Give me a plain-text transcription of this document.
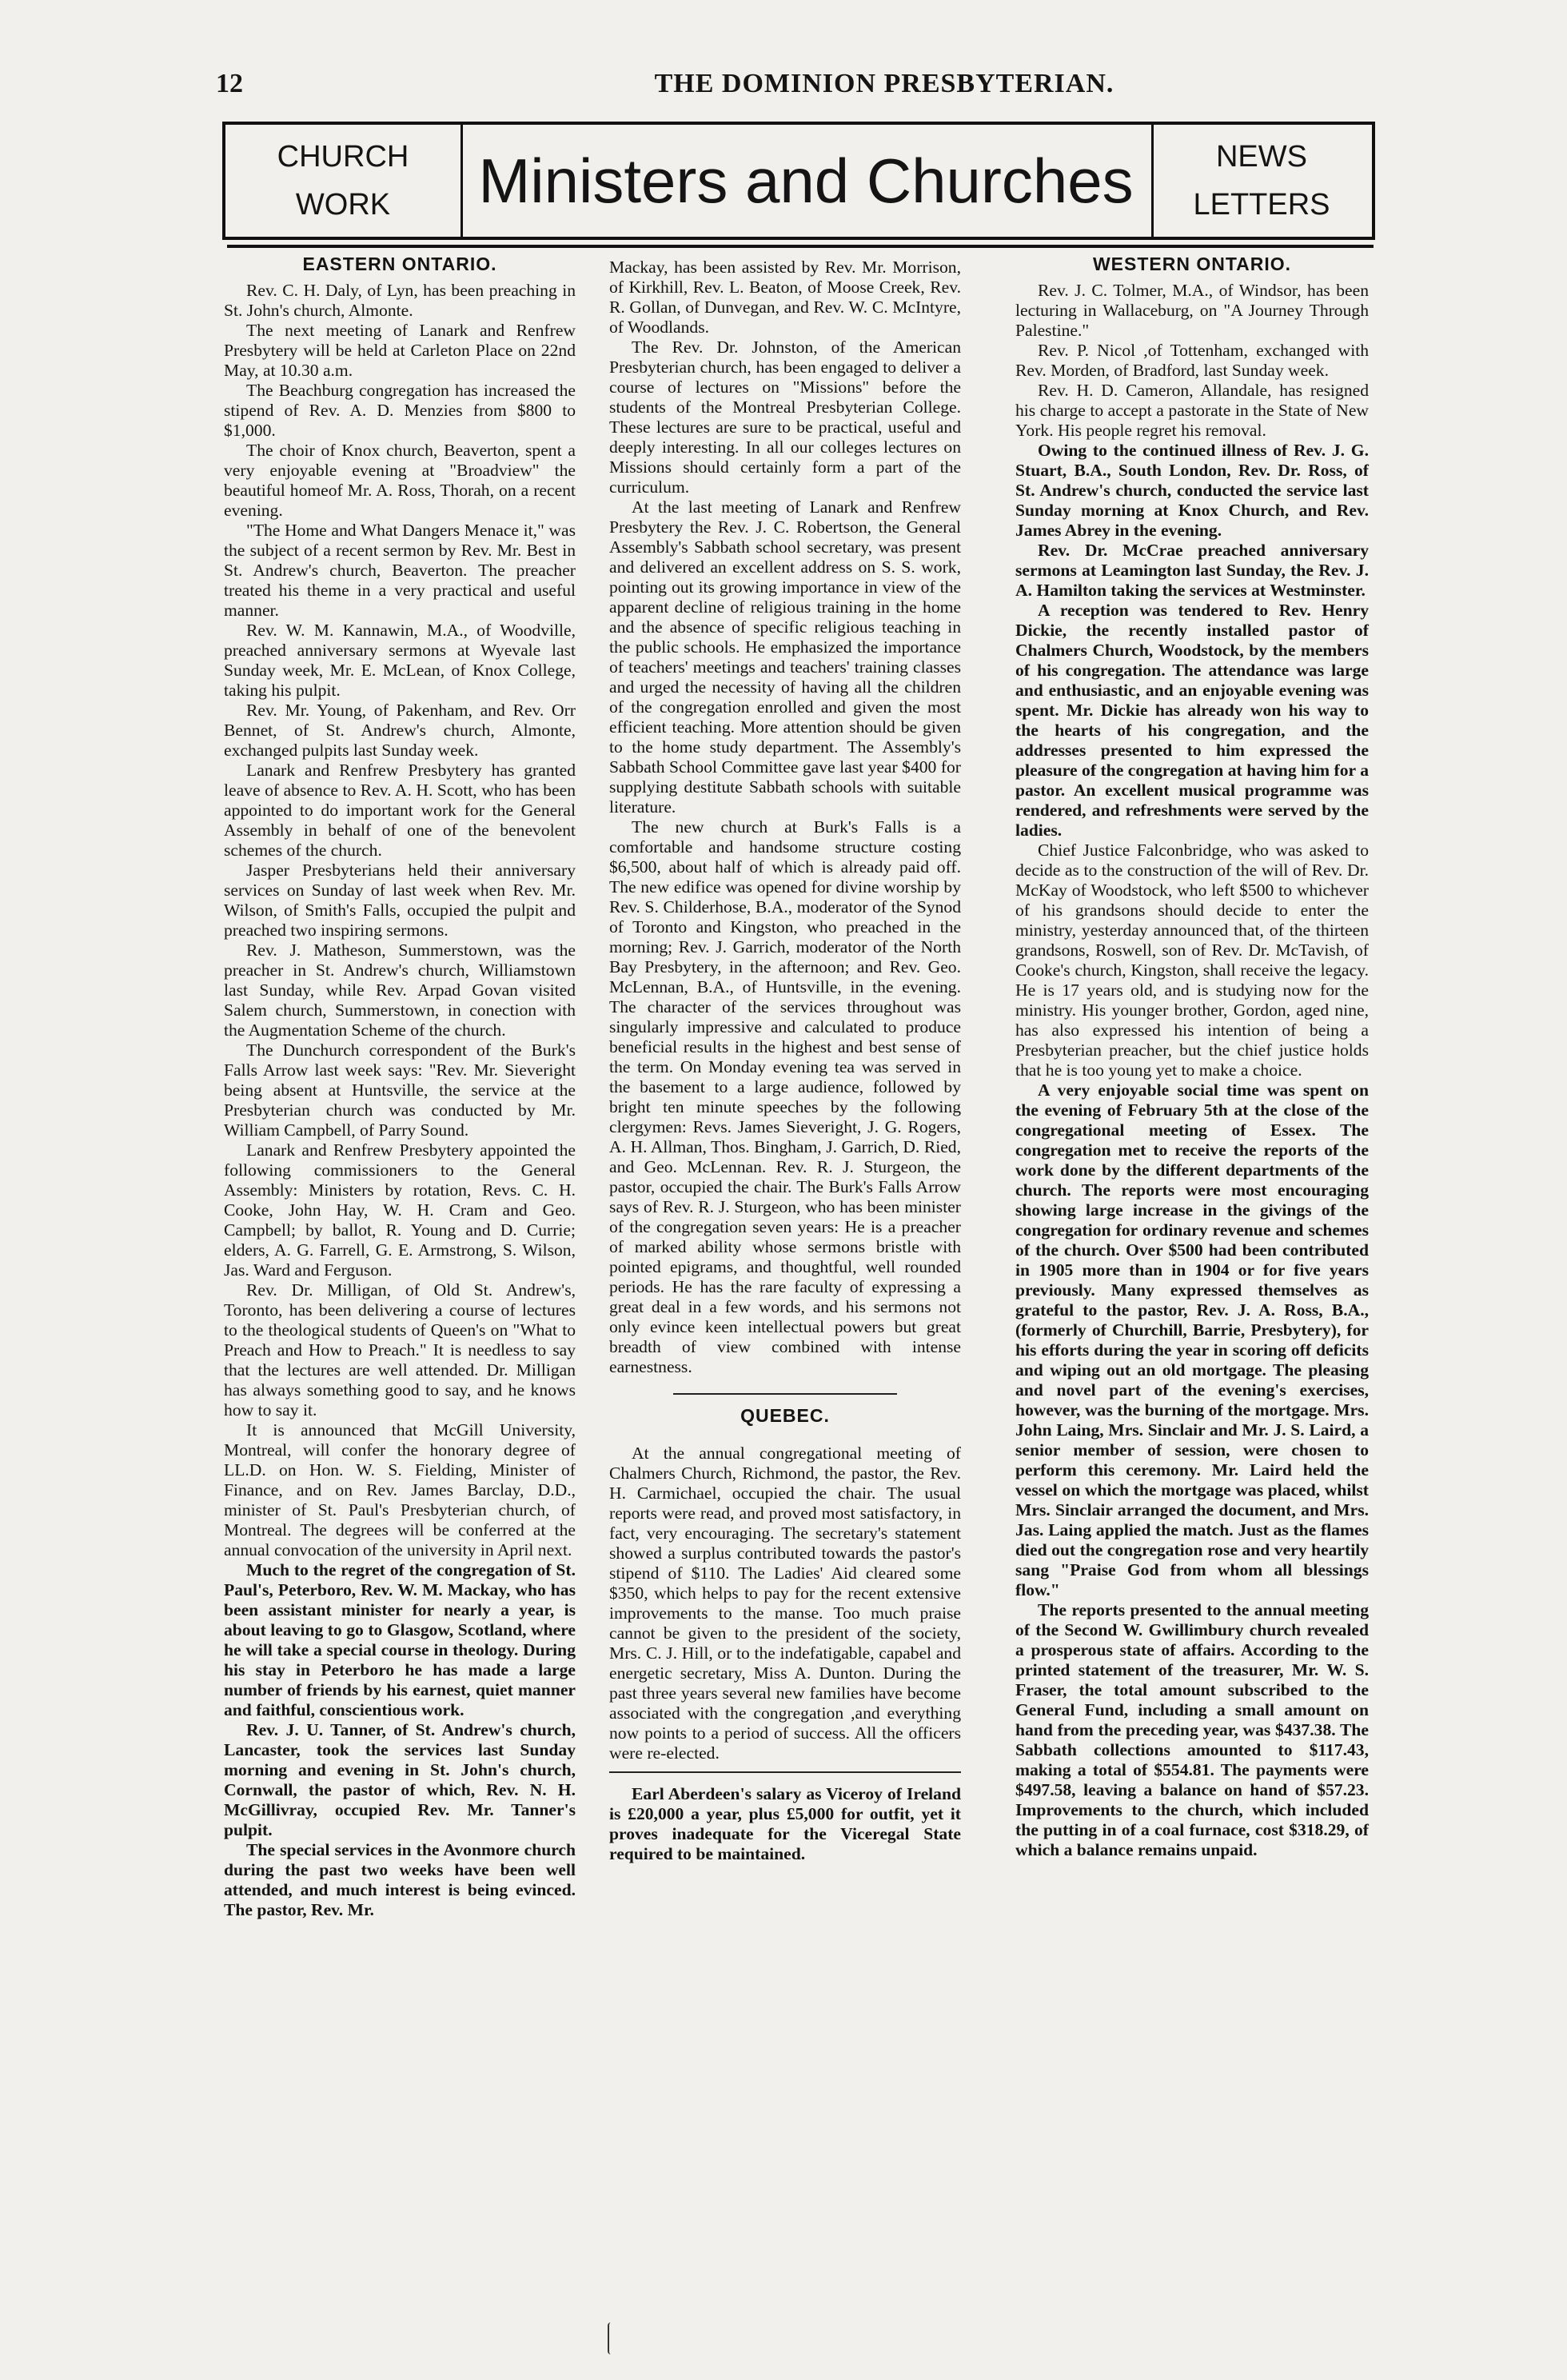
12	THE DOMINION PRESBYTERIAN.
CHURCH
WORK Ministers and Churches	NEWS
LETTERS
EASTERN ONTARIO.

Rev. C. H. Daly, of Lyn, has been preaching in St. John's church, Almonte.

The next meeting of Lanark and Renfrew Presbytery will be held at Carleton Place on 22nd May, at 10.30 a.m.

The Beachburg congregation has increased the stipend of Rev. A. D. Menzies from $800 to $1,000.

The choir of Knox church, Beaverton, spent a very enjoyable evening at "Broadview" the beautiful homeof Mr. A. Ross, Thorah, on a recent evening.

"The Home and What Dangers Menace it," was the subject of a recent sermon by Rev. Mr. Best in St. Andrew's church, Beaverton. The preacher treated his theme in a very practical and useful manner.

Rev. W. M. Kannawin, M.A., of Woodville, preached anniversary sermons at Wyevale last Sunday week, Mr. E. McLean, of Knox College, taking his pulpit.

Rev. Mr. Young, of Pakenham, and Rev. Orr Bennet, of St. Andrew's church, Almonte, exchanged pulpits last Sunday week.

Lanark and Renfrew Presbytery has granted leave of absence to Rev. A. H. Scott, who has been appointed to do important work for the General Assembly in behalf of one of the benevolent schemes of the church.

Jasper Presbyterians held their anniversary services on Sunday of last week when Rev. Mr. Wilson, of Smith's Falls, occupied the pulpit and preached two inspiring sermons.

Rev. J. Matheson, Summerstown, was the preacher in St. Andrew's church, Williamstown last Sunday, while Rev. Arpad Govan visited Salem church, Summerstown, in conection with the Augmentation Scheme of the church.

The Dunchurch correspondent of the Burk's Falls Arrow last week says: "Rev. Mr. Sieveright being absent at Huntsville, the service at the Presbyterian church was conducted by Mr. William Campbell, of Parry Sound.

Lanark and Renfrew Presbytery appointed the following commissioners to the General Assembly: Ministers by rotation, Revs. C. H. Cooke, John Hay, W. H. Cram and Geo. Campbell; by ballot, R. Young and D. Currie; elders, A. G. Farrell, G. E. Armstrong, S. Wilson, Jas. Ward and Ferguson.

Rev. Dr. Milligan, of Old St. Andrew's, Toronto, has been delivering a course of lectures to the theological students of Queen's on "What to Preach and How to Preach." It is needless to say that the lectures are well attended. Dr. Milligan has always something good to say, and he knows how to say it.

It is announced that McGill University, Montreal, will confer the honorary degree of LL.D. on Hon. W. S. Fielding, Minister of Finance, and on Rev. James Barclay, D.D., minister of St. Paul's Presbyterian church, of Montreal. The degrees will be conferred at the annual convocation of the university in April next.

Much to the regret of the congregation of St. Paul's, Peterboro, Rev. W. M. Mackay, who has been assistant minister for nearly a year, is about leaving to go to Glasgow, Scotland, where he will take a special course in theology. During his stay in Peterboro he has made a large number of friends by his earnest, quiet manner and faithful, conscientious work.

Rev. J. U. Tanner, of St. Andrew's church, Lancaster, took the services last Sunday morning and evening in St. John's church, Cornwall, the pastor of which, Rev. N. H. McGillivray, occupied Rev. Mr. Tanner's pulpit.

The special services in the Avonmore church during the past two weeks have been well attended, and much interest is being evinced. The pastor, Rev. Mr.

Mackay, has been assisted by Rev. Mr. Morrison, of Kirkhill, Rev. L. Beaton, of Moose Creek, Rev. R. Gollan, of Dunvegan, and Rev. W. C. McIntyre, of Woodlands.

The Rev. Dr. Johnston, of the American Presbyterian church, has been engaged to deliver a course of lectures on "Missions" before the students of the Montreal Presbyterian College. These lectures are sure to be practical, useful and deeply interesting. In all our colleges lectures on Missions should certainly form a part of the curriculum.

At the last meeting of Lanark and Renfrew Presbytery the Rev. J. C. Robertson, the General Assembly's Sabbath school secretary, was present and delivered an excellent address on S. S. work, pointing out its growing importance in view of the apparent decline of religious training in the home and the absence of specific religious teaching in the public schools. He emphasized the importance of teachers' meetings and teachers' training classes and urged the necessity of having all the children of the congregation enrolled and given the most efficient teaching. More attention should be given to the home study department. The Assembly's Sabbath School Committee gave last year $400 for supplying destitute Sabbath schools with suitable literature.

The new church at Burk's Falls is a comfortable and handsome structure costing $6,500, about half of which is already paid off. The new edifice was opened for divine worship by Rev. S. Childerhose, B.A., moderator of the Synod of Toronto and Kingston, who preached in the morning; Rev. J. Garrich, moderator of the North Bay Presbytery, in the afternoon; and Rev. Geo. McLennan, B.A., of Huntsville, in the evening. The character of the services throughout was singularly impressive and calculated to produce beneficial results in the highest and best sense of the term. On Monday evening tea was served in the basement to a large audience, followed by bright ten minute speeches by the following clergymen: Revs. James Sieveright, J. G. Rogers, A. H. Allman, Thos. Bingham, J. Garrich, D. Ried, and Geo. McLennan. Rev. R. J. Sturgeon, the pastor, occupied the chair. The Burk's Falls Arrow says of Rev. R. J. Sturgeon, who has been minister of the congregation seven years: He is a preacher of marked ability whose sermons bristle with pointed epigrams, and thoughtful, well rounded periods. He has the rare faculty of expressing a great deal in a few words, and his sermons not only evince keen intellectual powers but great breadth of view combined with intense earnestness.

QUEBEC.

At the annual congregational meeting of Chalmers Church, Richmond, the pastor, the Rev. H. Carmichael, occupied the chair. The usual reports were read, and proved most satisfactory, in fact, very encouraging. The secretary's statement showed a surplus contributed towards the pastor's stipend of $110. The Ladies' Aid cleared some $350, which helps to pay for the recent extensive improvements to the manse. Too much praise cannot be given to the president of the society, Mrs. C. J. Hill, or to the indefatigable, capabel and energetic secretary, Miss A. Dunton. During the past three years several new families have become associated with the congregation ,and everything now points to a period of success. All the officers were re-elected.

Earl Aberdeen's salary as Viceroy of Ireland is £20,000 a year, plus £5,000 for outfit, yet it proves inadequate for the Viceregal State required to be maintained.

WESTERN ONTARIO.

Rev. J. C. Tolmer, M.A., of Windsor, has been lecturing in Wallaceburg, on "A Journey Through Palestine."

Rev. P. Nicol ,of Tottenham, exchanged with Rev. Morden, of Bradford, last Sunday week.

Rev. H. D. Cameron, Allandale, has resigned his charge to accept a pastorate in the State of New York. His people regret his removal.

Owing to the continued illness of Rev. J. G. Stuart, B.A., South London, Rev. Dr. Ross, of St. Andrew's church, conducted the service last Sunday morning at Knox Church, and Rev. James Abrey in the evening.

Rev. Dr. McCrae preached anniversary sermons at Leamington last Sunday, the Rev. J. A. Hamilton taking the services at Westminster.

A reception was tendered to Rev. Henry Dickie, the recently installed pastor of Chalmers Church, Woodstock, by the members of his congregation. The attendance was large and enthusiastic, and an enjoyable evening was spent. Mr. Dickie has already won his way to the hearts of his congregation, and the addresses presented to him expressed the pleasure of the congregation at having him for a pastor. An excellent musical programme was rendered, and refreshments were served by the ladies.

Chief Justice Falconbridge, who was asked to decide as to the construction of the will of Rev. Dr. McKay of Woodstock, who left $500 to whichever of his grandsons should decide to enter the ministry, yesterday announced that, of the thirteen grandsons, Roswell, son of Rev. Dr. McTavish, of Cooke's church, Kingston, shall receive the legacy. He is 17 years old, and is studying now for the ministry. His younger brother, Gordon, aged nine, has also expressed his intention of being a Presbyterian preacher, but the chief justice holds that he is too young yet to make a choice.

A very enjoyable social time was spent on the evening of February 5th at the close of the congregational meeting of Essex. The congregation met to receive the reports of the work done by the different departments of the church. The reports were most encouraging showing large increase in the givings of the congregation for ordinary revenue and schemes of the church. Over $500 had been contributed in 1905 more than in 1904 or for five years previously. Many expressed themselves as grateful to the pastor, Rev. J. A. Ross, B.A., (formerly of Churchill, Barrie, Presbytery), for his efforts during the year in scoring off deficits and wiping out an old mortgage. The pleasing and novel part of the evening's exercises, however, was the burning of the mortgage. Mrs. John Laing, Mrs. Sinclair and Mr. J. S. Laird, a senior member of session, were chosen to perform this ceremony. Mr. Laird held the vessel on which the mortgage was placed, whilst Mrs. Sinclair arranged the document, and Mrs. Jas. Laing applied the match. Just as the flames died out the congregation rose and very heartily sang "Praise God from whom all blessings flow."

The reports presented to the annual meeting of the Second W. Gwillimbury church revealed a prosperous state of affairs. According to the printed statement of the treasurer, Mr. W. S. Fraser, the total amount subscribed to the General Fund, including a small amount on hand from the preceding year, was $437.38. The Sabbath collections amounted to $117.43, making a total of $554.81. The payments were $497.58, leaving a balance on hand of $57.23. Improvements to the church, which included the putting in of a coal furnace, cost $318.29, of which a balance remains unpaid.
